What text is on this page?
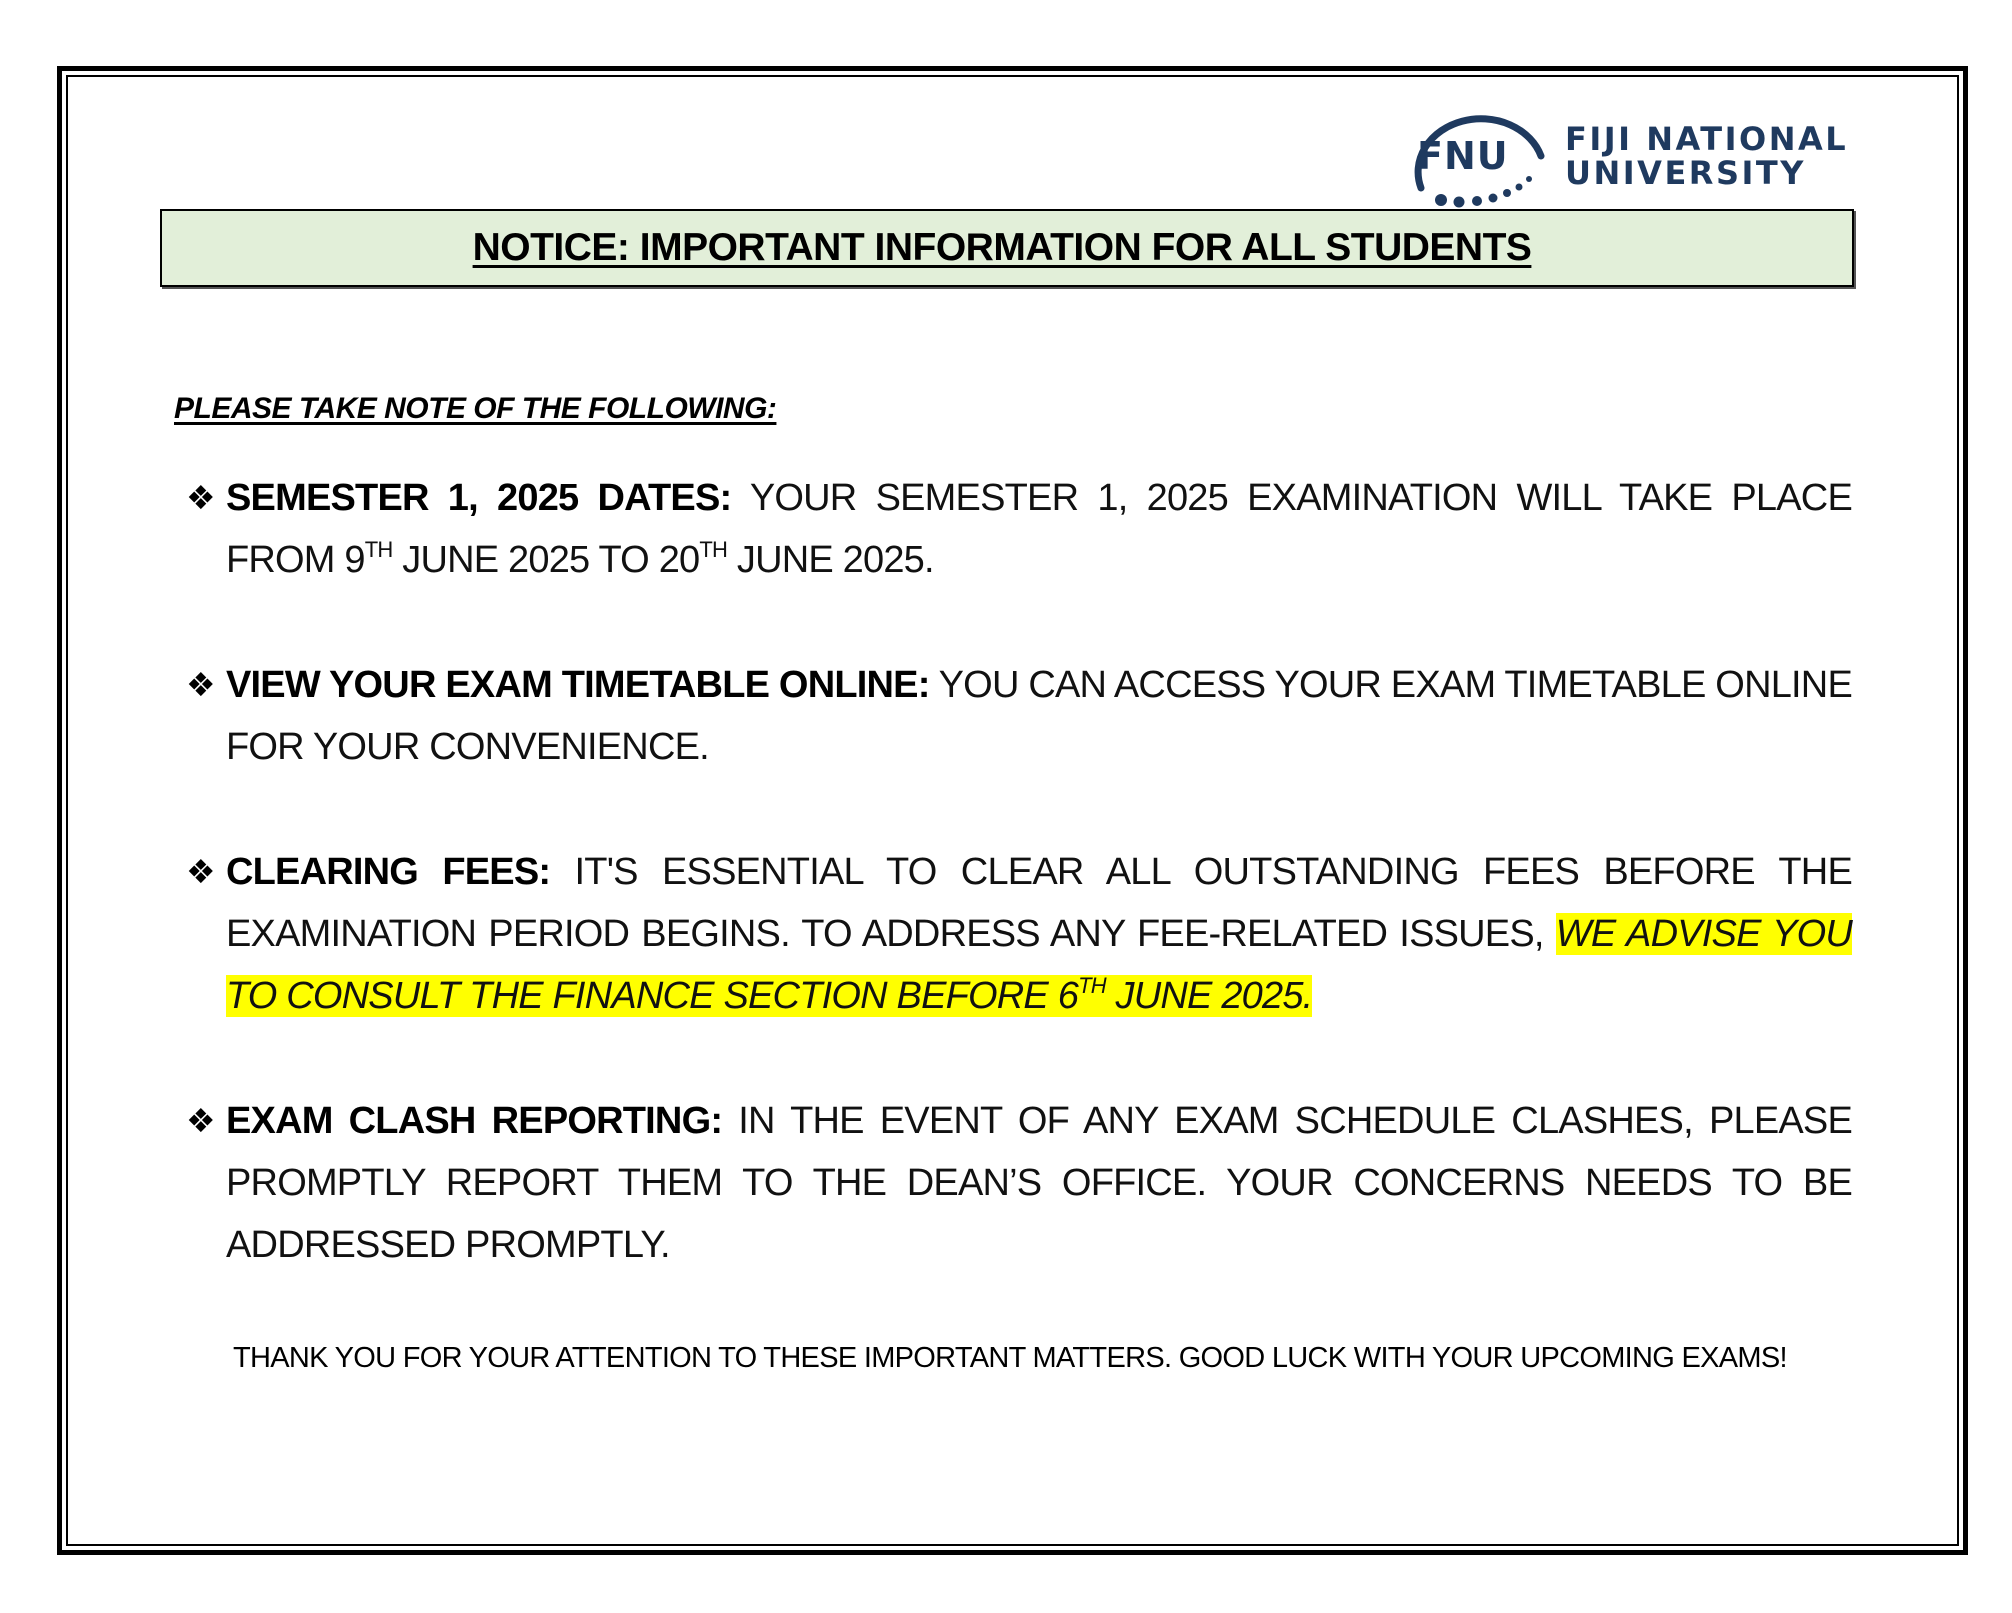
FNU FIJI NATIONAL
UNIVERSITY
NOTICE: IMPORTANT INFORMATION FOR ALL STUDENTS
PLEASE TAKE NOTE OF THE FOLLOWING:
❖ SEMESTER 1, 2025 DATES: YOUR SEMESTER 1, 2025 EXAMINATION WILL TAKE PLACE FROM 9TH JUNE 2025 TO 20TH JUNE 2025.
❖ VIEW YOUR EXAM TIMETABLE ONLINE: YOU CAN ACCESS YOUR EXAM TIMETABLE ONLINE FOR YOUR CONVENIENCE.
❖ CLEARING FEES: IT'S ESSENTIAL TO CLEAR ALL OUTSTANDING FEES BEFORE THE EXAMINATION PERIOD BEGINS. TO ADDRESS ANY FEE-RELATED ISSUES, WE ADVISE YOU TO CONSULT THE FINANCE SECTION BEFORE 6TH JUNE 2025.
❖ EXAM CLASH REPORTING: IN THE EVENT OF ANY EXAM SCHEDULE CLASHES, PLEASE PROMPTLY REPORT THEM TO THE DEAN’S OFFICE. YOUR CONCERNS NEEDS TO BE ADDRESSED PROMPTLY.
THANK YOU FOR YOUR ATTENTION TO THESE IMPORTANT MATTERS. GOOD LUCK WITH YOUR UPCOMING EXAMS!
